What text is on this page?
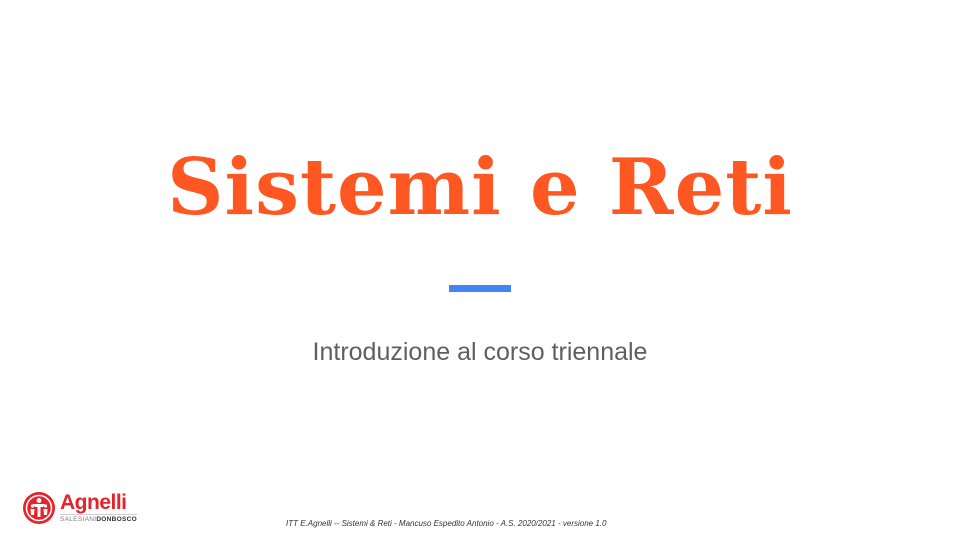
Sistemi e Reti
Introduzione al corso triennale
Agnelli
SALESIANIDONBOSCO	ITT E.Agnelli -- Sistemi & Reti - Mancuso Espedito Antonio - A.S. 2020/2021 - versione 1.0
